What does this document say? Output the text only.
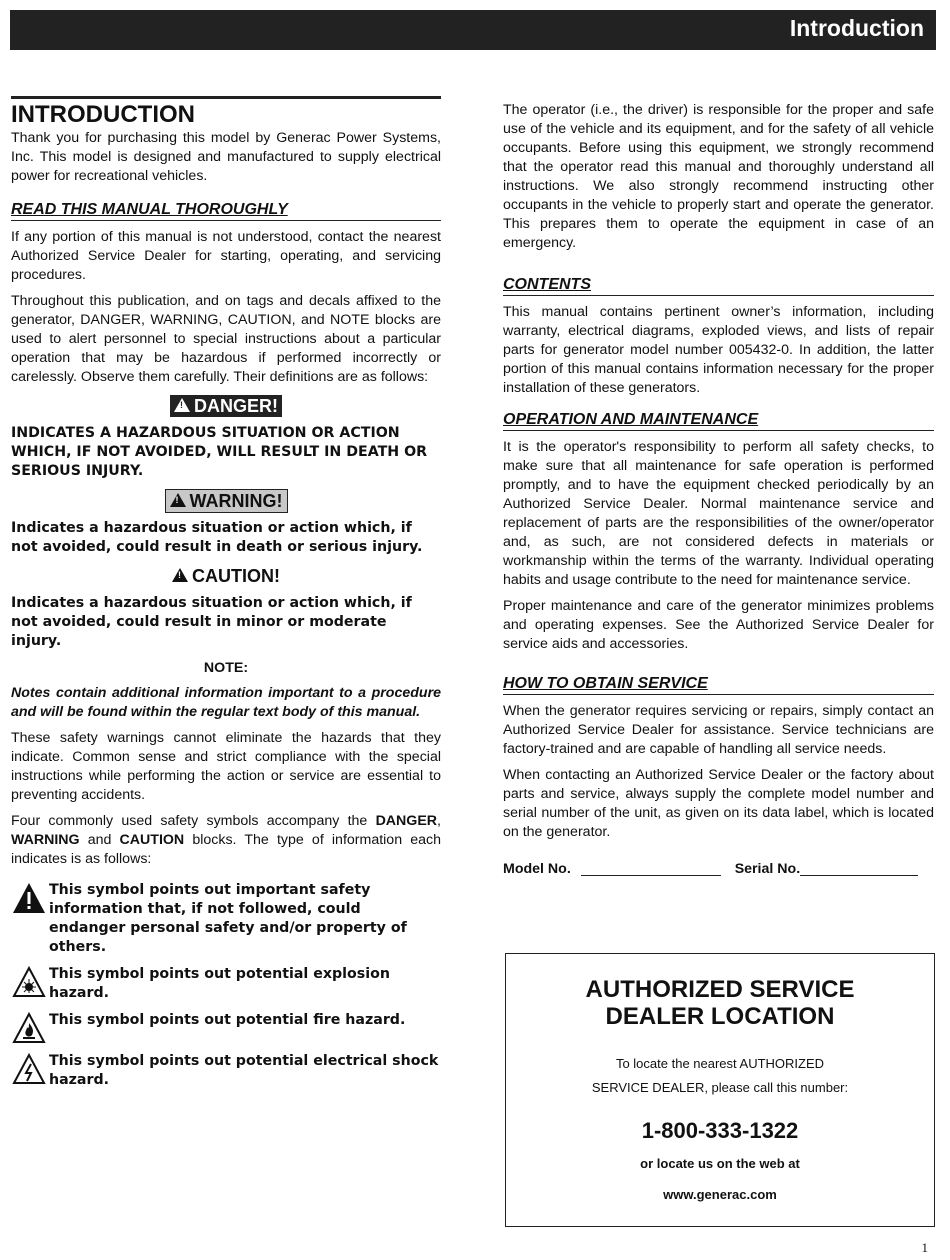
Introduction
INTRODUCTION

Thank you for purchasing this model by Generac Power Systems, Inc. This model is designed and manufactured to supply electrical power for recreational vehicles.

READ THIS MANUAL THOROUGHLY

If any portion of this manual is not understood, contact the nearest Authorized Service Dealer for starting, operating, and servicing procedures.

Throughout this publication, and on tags and decals affixed to the generator, DANGER, WARNING, CAUTION, and NOTE blocks are used to alert personnel to special instructions about a particular operation that may be hazardous if performed incorrectly or carelessly. Observe them carefully. Their definitions are as follows:

! DANGER!
INDICATES A HAZARDOUS SITUATION OR ACTION WHICH, IF NOT AVOIDED, WILL RESULT IN DEATH OR SERIOUS INJURY.
! WARNING!
Indicates a hazardous situation or action which, if not avoided, could result in death or serious injury.
! CAUTION!
Indicates a hazardous situation or action which, if not avoided, could result in minor or moderate injury.
NOTE:
Notes contain additional information important to a procedure and will be found within the regular text body of this manual.

These safety warnings cannot eliminate the hazards that they indicate. Common sense and strict compliance with the special instructions while performing the action or service are essential to preventing accidents.

Four commonly used safety symbols accompany the DANGER, WARNING and CAUTION blocks. The type of information each indicates is as follows:

This symbol points out important safety information that, if not followed, could endanger personal safety and/or property of others.
This symbol points out potential explosion hazard.
This symbol points out potential fire hazard.
This symbol points out potential electrical shock hazard.

The operator (i.e., the driver) is responsible for the proper and safe use of the vehicle and its equipment, and for the safety of all vehicle occupants. Before using this equipment, we strongly recommend that the operator read this manual and thoroughly understand all instructions. We also strongly recommend instructing other occupants in the vehicle to properly start and operate the generator. This prepares them to operate the equipment in case of an emergency.

CONTENTS

This manual contains pertinent owner’s information, including warranty, electrical diagrams, exploded views, and lists of repair parts for generator model number 005432-0. In addition, the latter portion of this manual contains information necessary for the proper installation of these generators.

OPERATION AND MAINTENANCE

It is the operator's responsibility to perform all safety checks, to make sure that all maintenance for safe operation is performed promptly, and to have the equipment checked periodically by an Authorized Service Dealer. Normal maintenance service and replacement of parts are the responsibilities of the owner/operator and, as such, are not considered defects in materials or workmanship within the terms of the warranty. Individual operating habits and usage contribute to the need for maintenance service.

Proper maintenance and care of the generator minimizes problems and operating expenses. See the Authorized Service Dealer for service aids and accessories.

HOW TO OBTAIN SERVICE

When the generator requires servicing or repairs, simply contact an Authorized Service Dealer for assistance. Service technicians are factory-trained and are capable of handling all service needs.

When contacting an Authorized Service Dealer or the factory about parts and service, always supply the complete model number and serial number of the unit, as given on its data label, which is located on the generator.

Model No.	Serial No.
AUTHORIZED SERVICE
DEALER LOCATION
To locate the nearest AUTHORIZED
SERVICE DEALER, please call this number:
1-800-333-1322
or locate us on the web at
www.generac.com
1
